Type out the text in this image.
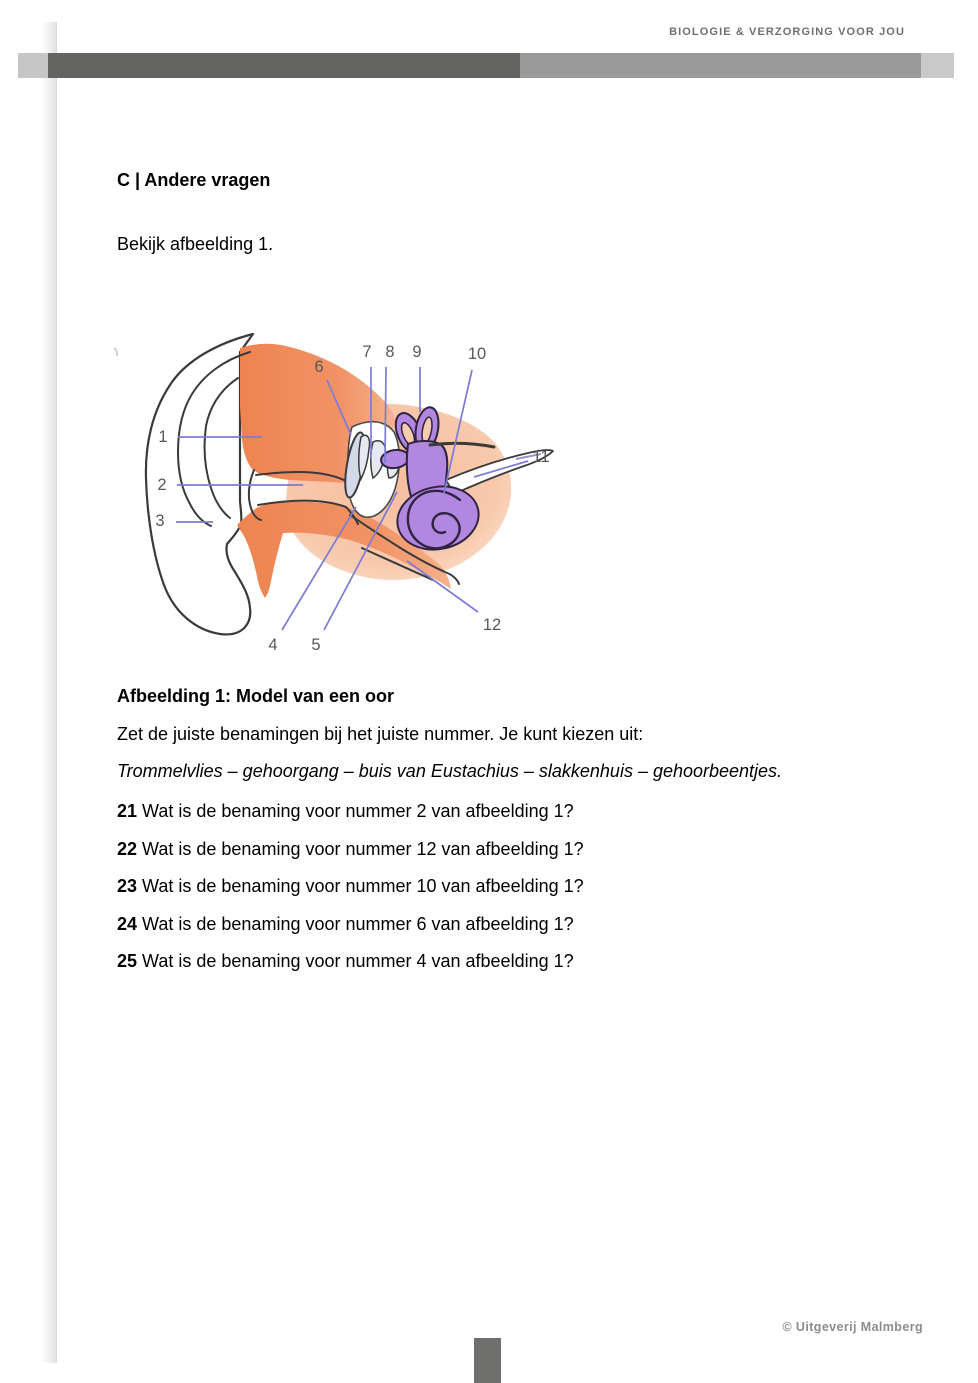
BIOLOGIE & VERZORGING VOOR JOU

C | Andere vragen
Bekijk afbeelding 1.
1
2
3
4 5
6
7 8 9	10
11
12
Afbeelding 1: Model van een oor
Zet de juiste benamingen bij het juiste nummer. Je kunt kiezen uit:
Trommelvlies – gehoorgang – buis van Eustachius – slakkenhuis – gehoorbeentjes.
21 Wat is de benaming voor nummer 2 van afbeelding 1?
22 Wat is de benaming voor nummer 12 van afbeelding 1?
23 Wat is de benaming voor nummer 10 van afbeelding 1?
24 Wat is de benaming voor nummer 6 van afbeelding 1?
25 Wat is de benaming voor nummer 4 van afbeelding 1?
© Uitgeverij Malmberg
